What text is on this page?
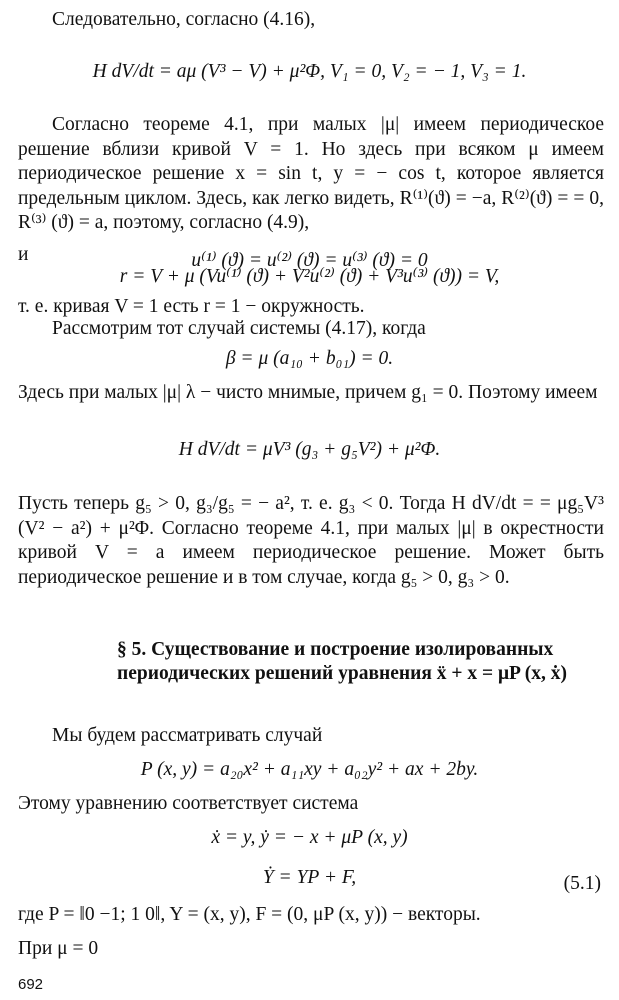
Следовательно, согласно (4.16),

H dV/dt = aμ (V³ − V) + μ²Φ, V₁ = 0, V₂ = − 1, V₃ = 1.

Согласно теореме 4.1, при малых |μ| имеем периодическое решение вблизи кривой V = 1. Но здесь при всяком μ имеем периодическое решение x = sin t, y = − cos t, которое является предельным циклом. Здесь, как легко видеть, R⁽¹⁾(ϑ) = −a, R⁽²⁾(ϑ) = = 0, R⁽³⁾ (ϑ) = a, поэтому, согласно (4.9),

u⁽¹⁾ (ϑ) = u⁽²⁾ (ϑ) = u⁽³⁾ (ϑ) = 0

и

r = V + μ (Vu⁽¹⁾ (ϑ) + V²u⁽²⁾ (ϑ) + V³u⁽³⁾ (ϑ)) = V,

т. е. кривая V = 1 есть r = 1 − окружность.

Рассмотрим тот случай системы (4.17), когда

β = μ (a₁₀ + b₀₁) = 0.

Здесь при малых |μ| λ − чисто мнимые, причем g₁ = 0. Поэтому имеем

H dV/dt = μV³ (g₃ + g₅V²) + μ²Φ.

Пусть теперь g₅ > 0, g₃/g₅ = − a², т. е. g₃ < 0. Тогда H dV/dt = = μg₅V³ (V² − a²) + μ²Φ. Согласно теореме 4.1, при малых |μ| в окрестности кривой V = a имеем периодическое решение. Может быть периодическое решение и в том случае, когда g₅ > 0, g₃ > 0.

§ 5. Существование и построение изолированных периодических решений уравнения ẍ + x = μP (x, ẋ)

Мы будем рассматривать случай

P (x, y) = a₂₀x² + a₁₁xy + a₀₂y² + ax + 2by.

Этому уравнению соответствует система

ẋ = y, ẏ = − x + μP (x, y)

Ẏ = YP + F,	(5.1)

где P = ‖0 −1; 1 0‖, Y = (x, y), F = (0, μP (x, y)) − векторы.

При μ = 0

692
